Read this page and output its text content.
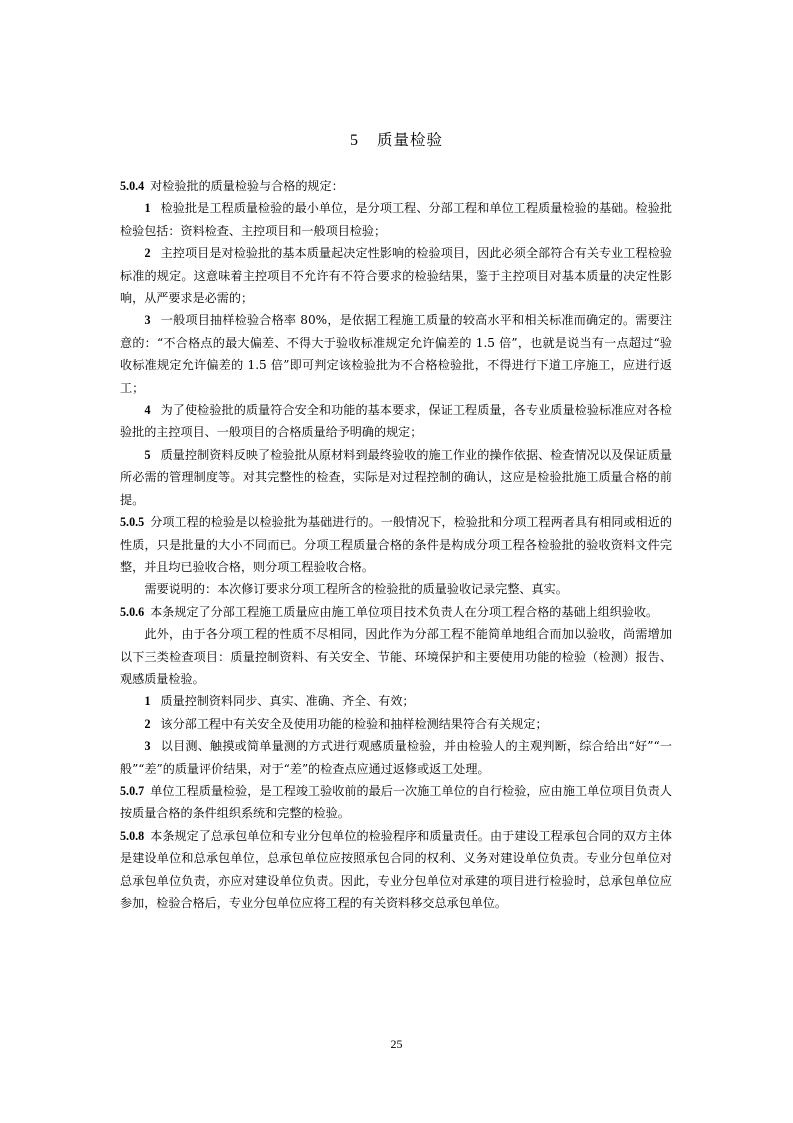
5 质量检验

5.0.4 对检验批的质量检验与合格的规定：

1 检验批是工程质量检验的最小单位，是分项工程、分部工程和单位工程质量检验的基础。检验批检验包括：资料检查、主控项目和一般项目检验；

2 主控项目是对检验批的基本质量起决定性影响的检验项目，因此必须全部符合有关专业工程检验标准的规定。这意味着主控项目不允许有不符合要求的检验结果，鉴于主控项目对基本质量的决定性影响，从严要求是必需的；

3 一般项目抽样检验合格率 80%，是依据工程施工质量的较高水平和相关标准而确定的。需要注意的：“不合格点的最大偏差、不得大于验收标准规定允许偏差的 1.5 倍”，也就是说当有一点超过“验收标准规定允许偏差的 1.5 倍”即可判定该检验批为不合格检验批，不得进行下道工序施工，应进行返工；

4 为了使检验批的质量符合安全和功能的基本要求，保证工程质量，各专业质量检验标准应对各检验批的主控项目、一般项目的合格质量给予明确的规定；

5 质量控制资料反映了检验批从原材料到最终验收的施工作业的操作依据、检查情况以及保证质量所必需的管理制度等。对其完整性的检查，实际是对过程控制的确认，这应是检验批施工质量合格的前提。

5.0.5 分项工程的检验是以检验批为基础进行的。一般情况下，检验批和分项工程两者具有相同或相近的性质，只是批量的大小不同而已。分项工程质量合格的条件是构成分项工程各检验批的验收资料文件完整，并且均已验收合格，则分项工程验收合格。

需要说明的：本次修订要求分项工程所含的检验批的质量验收记录完整、真实。

5.0.6 本条规定了分部工程施工质量应由施工单位项目技术负责人在分项工程合格的基础上组织验收。

此外，由于各分项工程的性质不尽相同，因此作为分部工程不能简单地组合而加以验收，尚需增加以下三类检查项目：质量控制资料、有关安全、节能、环境保护和主要使用功能的检验（检测）报告、观感质量检验。

1 质量控制资料同步、真实、准确、齐全、有效；

2 该分部工程中有关安全及使用功能的检验和抽样检测结果符合有关规定；

3 以目测、触摸或简单量测的方式进行观感质量检验，并由检验人的主观判断，综合给出“好”“一般”“差”的质量评价结果，对于“差”的检查点应通过返修或返工处理。

5.0.7 单位工程质量检验，是工程竣工验收前的最后一次施工单位的自行检验，应由施工单位项目负责人按质量合格的条件组织系统和完整的检验。

5.0.8 本条规定了总承包单位和专业分包单位的检验程序和质量责任。由于建设工程承包合同的双方主体是建设单位和总承包单位，总承包单位应按照承包合同的权利、义务对建设单位负责。专业分包单位对总承包单位负责，亦应对建设单位负责。因此，专业分包单位对承建的项目进行检验时，总承包单位应参加，检验合格后，专业分包单位应将工程的有关资料移交总承包单位。

25
